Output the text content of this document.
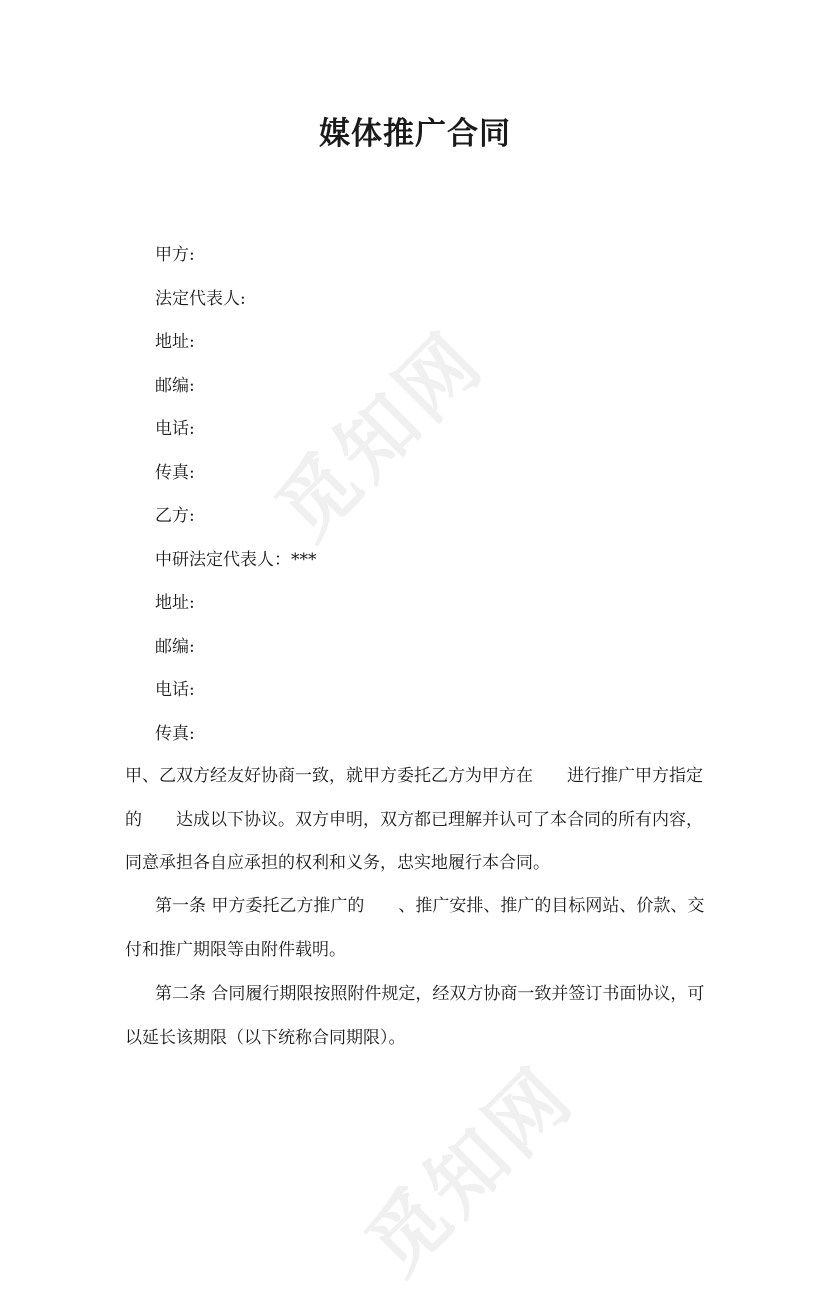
觅知网
觅知网
媒体推广合同
甲方:
法定代表人:
地址:
邮编:
电话:
传真:
乙方:
中研法定代表人：***
地址:
邮编:
电话:
传真:
甲、乙双方经友好协商一致，就甲方委托乙方为甲方在 进行推广甲方指定
的 达成以下协议。双方申明，双方都已理解并认可了本合同的所有内容，
同意承担各自应承担的权利和义务，忠实地履行本合同。
第一条 甲方委托乙方推广的 、推广安排、推广的目标网站、价款、交
付和推广期限等由附件载明。
第二条 合同履行期限按照附件规定，经双方协商一致并签订书面协议，可
以延长该期限（以下统称合同期限）。
